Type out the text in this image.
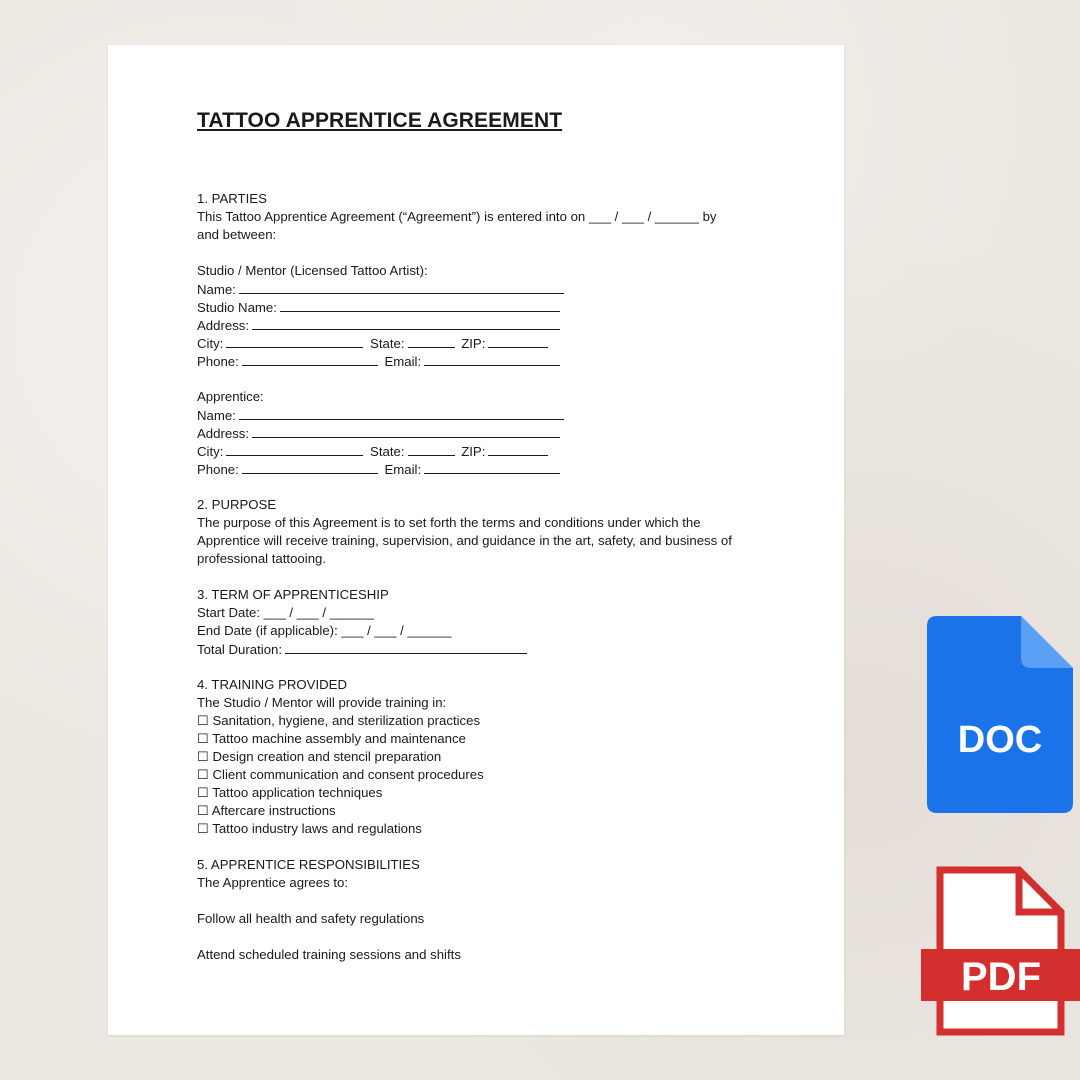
TATTOO APPRENTICE AGREEMENT
1. PARTIES
This Tattoo Apprentice Agreement (“Agreement”) is entered into on ___ / ___ / ______ by
and between:
Studio / Mentor (Licensed Tattoo Artist):
Name:
Studio Name:
Address:
City:	State:	ZIP:
Phone:	Email:
Apprentice:
Name:
Address:
City:	State:	ZIP:
Phone:	Email:
2. PURPOSE
The purpose of this Agreement is to set forth the terms and conditions under which the
Apprentice will receive training, supervision, and guidance in the art, safety, and business of
professional tattooing.
3. TERM OF APPRENTICESHIP
Start Date: ___ / ___ / ______
End Date (if applicable): ___ / ___ / ______
Total Duration:
4. TRAINING PROVIDED
The Studio / Mentor will provide training in:
☐ Sanitation, hygiene, and sterilization practices
☐ Tattoo machine assembly and maintenance
☐ Design creation and stencil preparation
☐ Client communication and consent procedures
☐ Tattoo application techniques
☐ Aftercare instructions
☐ Tattoo industry laws and regulations
5. APPRENTICE RESPONSIBILITIES
The Apprentice agrees to:
Follow all health and safety regulations
Attend scheduled training sessions and shifts
DOC
PDF
